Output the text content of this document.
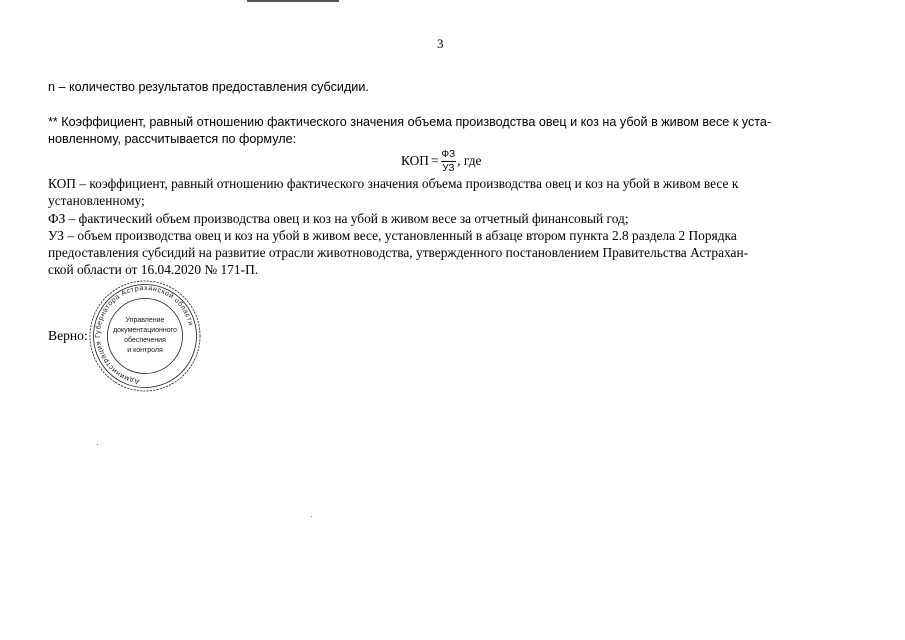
3
n – количество результатов предоставления субсидии.
** Коэффициент, равный отношению фактического значения объема производства овец и коз на убой в живом весе к уста-
новленному, рассчитывается по формуле:
КОП = $\frac{ФЗ}{УЗ}$ , где
КОП – коэффициент, равный отношению фактического значения объема производства овец и коз на убой в живом весе к
установленному;
ФЗ – фактический объем производства овец и коз на убой в живом весе за отчетный финансовый год;
УЗ – объем производства овец и коз на убой в живом весе, установленный в абзаце втором пункта 2.8 раздела 2 Порядка
предоставления субсидий на развитие отрасли животноводства, утвержденного постановлением Правительства Астрахан-
ской области от 16.04.2020 № 171-П.
Верно:
Администрация Губернатора Астраханской области
Управление
документационного
обеспечения
и контроля
